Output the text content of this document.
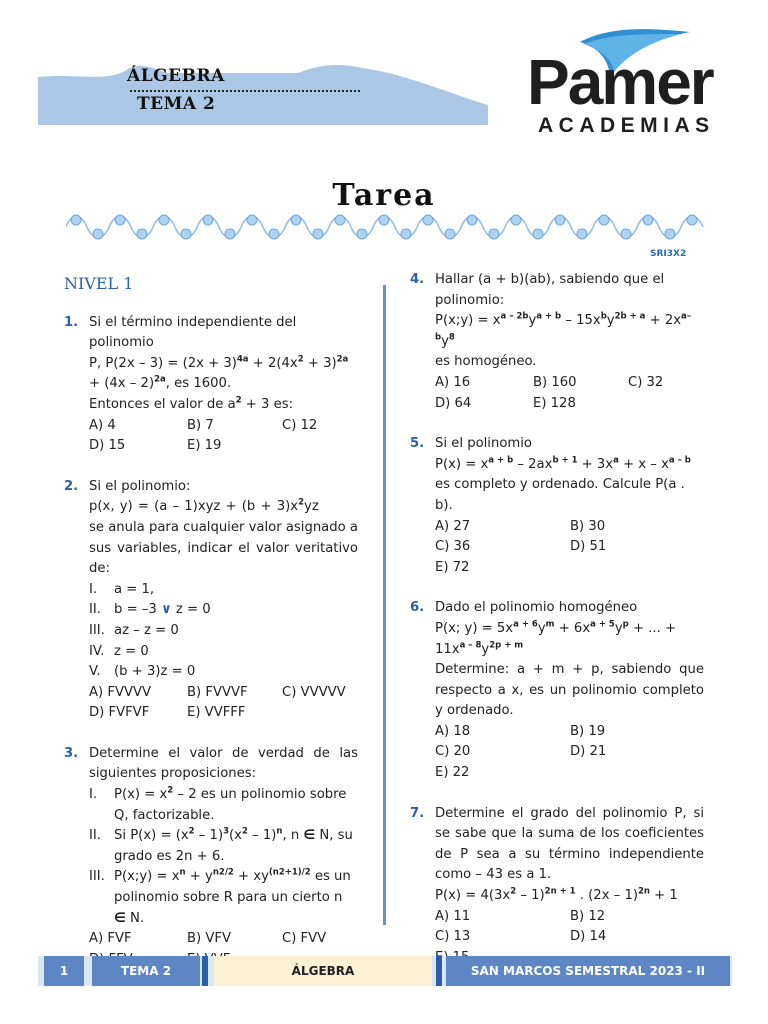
ÁLGEBRA
TEMA 2	Pamer
ACADEMIAS
Tarea
SRI3X2
NIVEL 1
1. Si el término independiente del polinomio

P, $P(2x - 3) = (2x + 3)^{4a} + 2(4x^2 + 3)^{2a}$

+ (4x – 2)$^{2a}$, es 1600.

Entonces el valor de $a^2 + 3$ es:

A) 4	B) 7	C) 12
D) 15	E) 19
2. Si el polinomio:

p(x, $y) = (a - 1)xyz + (b + 3)x^2yz$

se anula para cualquier valor asignado a sus variables, indicar el valor veritativo de:

I.	a = 1,
II. b = –3 ∨ z = 0
III. az – z = 0
IV. z = 0
V.	(b + 3)z = 0
A) FVVVV	B) FVVVF	C) VVVVV
D) FVFVF	E) VVFFF
3. Determine el valor de verdad de las siguientes proposiciones:

I.	$P(x) = x^2 - 2$ es un polinomio sobre Q, factorizable.
II. Si $P(x) = (x^2 - 1)^3(x^2 - 1)^n$, n ∈ N, su grado es 2n + 6.
III. P(x;y) = $x^n + y^{n2/2} + xy^{(n2+1)/2}$ es un polinomio sobre R para un cierto n ∈ N.
A) FVF	B) VFV	C) FVV
4. Hallar (a + b)(ab), sabiendo que el polinomio:

P(x;y) = $x^{a - 2b}y^{a + b} - 15x^by^{2b + a} + 2x^{a-b}y^8$

es homogéneo.

A) 16	B) 160	C) 32
D) 64	E) 128
5. Si el polinomio

$P(x) = x^{a + b} - 2ax^{b + 1} + 3x^a + x - x^{a - b}$

es completo y ordenado. Calcule P(a . b).

A) 27	B) 30
C) 36	D) 51
E) 72
6. Dado el polinomio homogéneo

P(x; $y) = 5x^{a + 6}y^m + 6x^{a + 5}y^p$ + ... +

$11x^{a - 8}y^{2p + m}$

Determine: a + m + p, sabiendo que respecto a x, es un polinomio completo y ordenado.

A) 18	B) 19
C) 20	D) 21
E) 22
7. Determine el grado del polinomio P, si se sabe que la suma de los coeficientes de P sea a su término independiente como – 43 es a 1.

$P(x) = 4(3x^2 - 1)^{2n + 1}$ . (2x – 1)$^{2n}$ + 1

A) 11	B) 12
C) 13	D) 14
1	TEMA 2	ÁLGEBRA	SAN MARCOS SEMESTRAL 2023 - II
